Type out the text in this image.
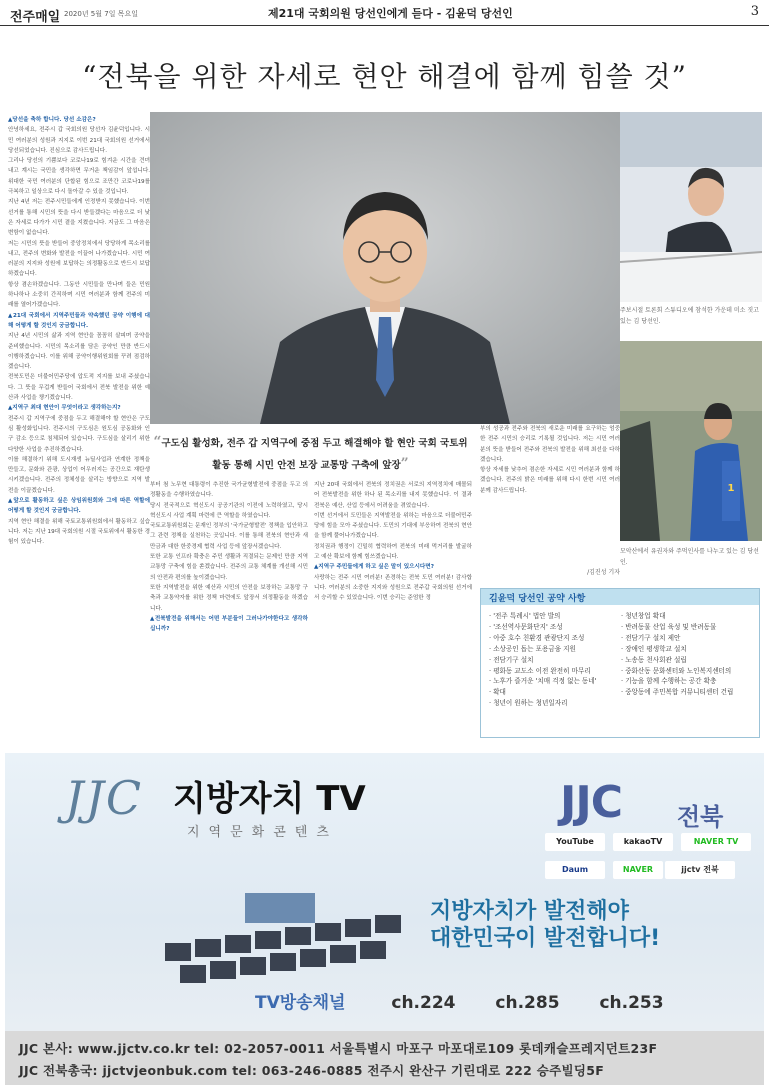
전주매일 2020년 5월 7일 목요일	제21대 국회의원 당선인에게 듣다 - 김윤덕 당선인	3
“전북을 위한 자세로 현안 해결에 함께 힘쓸 것”

▲당선을 축하 합니다. 당선 소감은?

안녕하세요, 전주시 갑 국회의원 당선자 김윤덕입니다. 시민 여러분의 성원과 지지로 이번 21대 국회의원 선거에서 당선되었습니다. 진심으로 감사드립니다.

그리나 당선의 기쁨보다 코로나19로 힘겨운 시간을 견뎌내고 계시는 국민을 생각하면 무거운 책임감이 앞섭니다. 위대한 국민 여러분의 단합된 힘으로 조만간 코로나19를 극복하고 일상으로 다시 돌아갈 수 있을 것입니다.

지난 4년 저는 전주시민들에게 인정받지 못했습니다. 이번 선거를 통해 시민의 뜻을 다시 받들겠다는 마음으로 더 낮은 자세로 다가가 시민 곁을 지켰습니다. 지금도 그 마음은 변함이 없습니다.

저는 시민의 뜻을 받들어 중앙정치에서 당당하게 목소리를 내고, 전주의 변화와 발전을 이끌어 나가겠습니다. 시민 여러분의 지지와 성원에 보답하는 의정활동으로 반드시 보답하겠습니다.

항상 겸손하겠습니다. 그동안 시민들을 만나며 들은 민원 하나하나 소중히 간직하며 시민 여러분과 함께 전주의 미래를 열어가겠습니다.

▲21대 국회에서 지역주민들과 약속했던 공약 이행에 대해 어떻게 할 것인지 궁금합니다.

지난 4년 시민의 삶과 지역 현안을 꼼꼼히 살피며 공약을 준비했습니다. 시민의 목소리를 담은 공약인 만큼 반드시 이행하겠습니다. 이를 위해 공약이행위원회를 꾸려 점검하겠습니다.

전북도민은 더불어민주당에 압도적 지지를 보내 주셨습니다. 그 뜻을 무겁게 받들어 국회에서 전북 발전을 위한 예산과 사업을 챙기겠습니다.

▲지역구 최대 현안이 무엇이라고 생각하는지?

전주시 갑 지역구에 중점을 두고 해결해야 할 현안은 구도심 활성화입니다. 전주시의 구도심은 원도심 공동화와 인구 감소 등으로 침체되어 있습니다. 구도심을 살리기 위한 다양한 사업을 추진하겠습니다.

이를 해결하기 위해 도시재생 뉴딜사업과 연계한 정책을 만들고, 문화와 관광, 상업이 어우러지는 공간으로 재탄생시키겠습니다. 전주의 정체성을 살리는 방향으로 지역 발전을 이끌겠습니다.

▲앞으로 활동하고 싶은 상임위원회와 그에 따른 역할에 어떻게 할 것인지 궁금합니다.

지역 현안 해결을 위해 국토교통위원회에서 활동하고 싶습니다. 저는 지난 19대 국회의원 시절 국토위에서 활동한 경험이 있습니다.

“구도심 활성화, 전주 갑 지역구에 중점 두고 해결해야 할 현안 국회 국토위 활동 통해 시민 안전 보장 교통망 구축에 앞장”

부터 첨 노무현 대통령이 추진한 국가균형발전에 중점을 두고 의정활동을 수행하였습니다.

당시 전국적으로 혁신도시 공공기관의 이전에 노력하였고, 당시 혁신도시 사업 계획 마련에 큰 역할을 하였습니다.

국토교통위원회는 문재인 정부의 '국가균형발전' 정책을 입안하고 그 관련 정책을 실천하는 곳입니다. 이를 통해 전북의 현안과 새만금과 대한 한중경제 협력 사업 등에 앞장서겠습니다.

또한 교통 인프라 확충은 주민 생활과 직결되는 문제인 만큼 지역 교통망 구축에 힘을 쏟겠습니다. 전주의 교통 체계를 개선해 시민의 안전과 편의를 높이겠습니다.

또한 지역발전을 위한 예산과 시민의 안전을 보장하는 교통망 구축과 교통약자를 위한 정책 마련에도 앞장서 의정활동을 하겠습니다.

▲전북발전을 위해서는 어떤 부분들이 그러나가야한다고 생각하십니까?

지난 20대 국회에서 전북의 정치권은 서로의 지역정치에 매몰되어 전북발전을 위한 하나 된 목소리를 내지 못했습니다. 이 결과 전북은 예산, 산업 등에서 어려움을 겪었습니다.

이번 선거에서 도민들은 지역발전을 위하는 마음으로 더불어민주당에 힘을 모아 주셨습니다. 도민의 기대에 부응하여 전북의 현안을 함께 풀어나가겠습니다.

정치권과 행정이 긴밀히 협력하여 전북의 미래 먹거리를 발굴하고 예산 확보에 함께 힘쓰겠습니다.

▲지역구 주민들에게 하고 싶은 말이 있으시다면?

사랑하는 전주 시민 여러분! 존경하는 전북 도민 여러분! 감사합니다. 여러분의 소중한 지지와 성원으로 전주갑 국회의원 선거에서 승리할 수 있었습니다. 이번 승리는 준엄한 정

부의 성공과 전주와 전북의 새로운 미래를 요구하는 엄중한 전주 시민의 승리로 기록될 것입니다. 저는 시민 여러분의 뜻을 받들어 전주와 전북의 발전을 위해 최선을 다하겠습니다.

항상 자세를 낮추어 겸손한 자세로 시민 여러분과 함께 하겠습니다. 전주의 밝은 미래를 위해 다시 한번 시민 여러분께 감사드립니다.

/김진성 기자
주보시절 토론회 스튜디오에 참석한 가운데 미소 짓고 있는 김 당선인.
1
모악산에서 유권자와 주먹인사를 나누고 있는 김 당선인.
김윤덕 당선인 공약 사항
· '전주 특례시' 법안 발의
· '조선역사문화단지' 조성
· 아중 호수 친환경 관광단지 조성
· 소상공인 돕는 포용금융 지원
· 전담기구 설치
· 평화동 교도소 이전 완전히 마무리
· 노후가 즐거운 '치매 걱정 없는 동네'
· 확대
· 청년이 원하는 청년일자리
· 청년창업 확대
· 반려동물 산업 육성 및 반려동물
· 전담기구 설치 제안
· 장애인 평생학교 설치
· 노송동 천사회관 설립
· 중화산동 문화센터와 노인복지센터의
· 기능을 함께 수행하는 공간 확충
· 중앙동에 주민복합 커뮤니티센터 건립
JJC 지방자치 TV
지역문화콘텐츠
JJC 전북
YouTube	kakaoTV	NAVER TV
Daum	NAVER	jjctv 전북
지방자치가 발전해야
대한민국이 발전합니다!
TV방송채널	ch.224 ch.285 ch.253
JJC 본사: www.jjctv.co.kr tel: 02-2057-0011 서울특별시 마포구 마포대로109 롯데캐슬프레지던트23F
JJC 전북총국: jjctvjeonbuk.com tel: 063-246-0885 전주시 완산구 기린대로 222 승주빌딩5F
